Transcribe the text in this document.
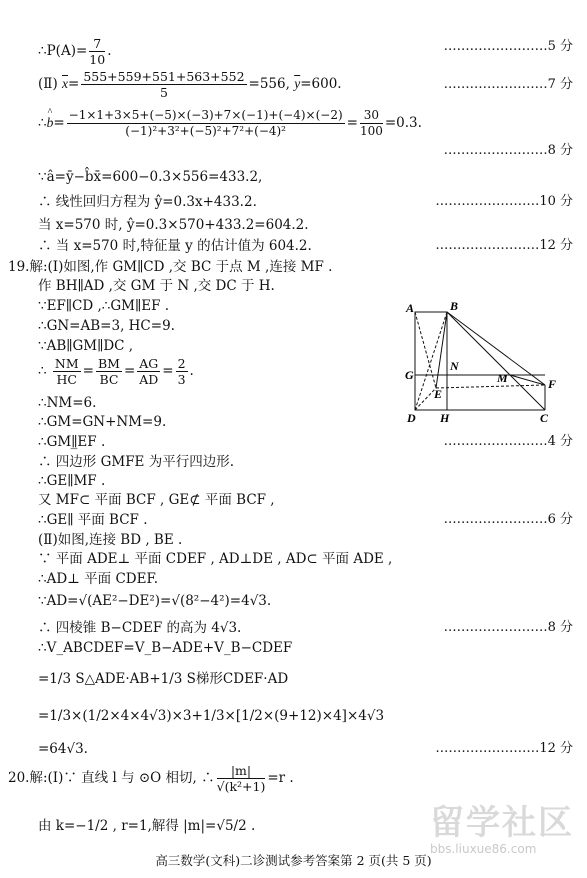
∴P(A)= $\frac{7}{10}$ .	……………………5 分
(Ⅱ) $\overline{x}= \frac{555+559+551+563+552}{5} =556$, $\overline{y}=600$.	……………………7 分
∴^ $b= \frac{-1\times 1+3\times 5+(-5)\times(-3)+7\times(-1)+(-4)\times(-2)}{\text{(−1)²+3²+(−5)²+7²+(−4)²}} = \frac{30}{100} =0.3$.
……………………8 分
∵â=ȳ−b̂x̄=600−0.3×556=433.2,
∴ 线性回归方程为 ŷ=0.3x+433.2.	……………………10 分
当 x=570 时, ŷ=0.3×570+433.2=604.2.
∴ 当 x=570 时,特征量 y 的估计值为 604.2.	……………………12 分
19.解:(Ⅰ)如图,作 GM∥CD ,交 BC 于点 M ,连接 MF .
作 BH∥AD ,交 GM 于 N ,交 DC 于 H.
∵EF∥CD ,∴GM∥EF .
∴GN=AB=3, HC=9.
∵AB∥GM∥DC ,
∴ $\frac{NM}{HC} = \frac{BM}{BC} = \frac{AG}{AD} = \frac{2}{3}$ .
∴NM=6.
∴GM=GN+NM=9.
∴GM∥̲EF .	……………………4 分
∴ 四边形 GMFE 为平行四边形.
∴GE∥MF .
又 MF⊂ 平面 BCF , GE⊄ 平面 BCF ,
∴GE∥ 平面 BCF .	……………………6 分
(Ⅱ)如图,连接 BD , BE .
∵ 平面 ADE⊥ 平面 CDEF , AD⊥DE , AD⊂ 平面 ADE ,
∴AD⊥ 平面 CDEF.
∵AD=√(AE²−DE²)=√(8²−4²)=4√3.
∴ 四棱锥 B−CDEF 的高为 4√3.	……………………8 分
∴V_ABCDEF=V_B−ADE+V_B−CDEF
=1/3 S△ADE·AB+1/3 S梯形CDEF·AD
=1/3×(1/2×4×4√3)×3+1/3×[1/2×(9+12)×4]×4√3
=64√3.	……………………12 分
20.解:(Ⅰ)∵ 直线 l 与 ⊙O 相切, ∴ $\frac{|m|}{\text{√(k²+1)}} =r$ .
由 k=−1/2 , r=1,解得 |m|=√5/2 .
A	B
G
N
M	F
E
D H	C
高三数学(文科)二诊测试参考答案第 2 页(共 5 页)
留学社区
bbs.liuxue86.com
